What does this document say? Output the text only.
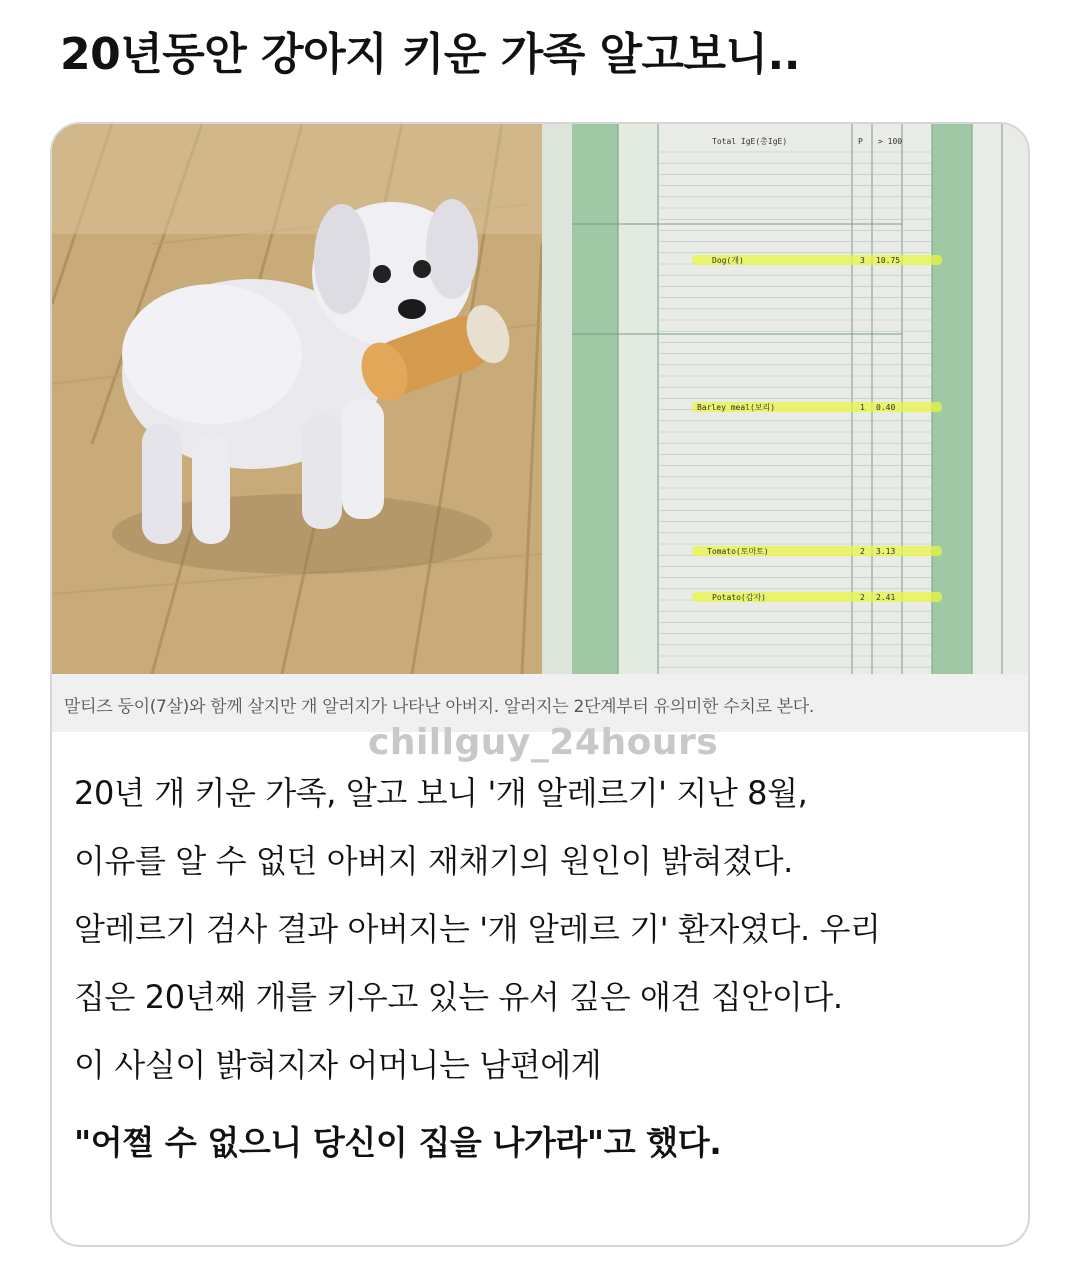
20년동안 강아지 키운 가족 알고보니..
Total IgE(총IgE)	P > 100
Dog(개)	3 10.75
Barley meal(보리)	1 0.40
Tomato(토마토)	2 3.13
Potato(감자)	2 2.41
말티즈 둥이(7살)와 함께 살지만 개 알러지가 나타난 아버지. 알러지는 2단계부터 유의미한 수치로 본다.
chillguy_24hours
20년 개 키운 가족, 알고 보니 '개 알레르기' 지난 8월,
이유를 알 수 없던 아버지 재채기의 원인이 밝혀졌다.
알레르기 검사 결과 아버지는 '개 알레르 기' 환자였다. 우리
집은 20년째 개를 키우고 있는 유서 깊은 애견 집안이다.
이 사실이 밝혀지자 어머니는 남편에게
"어쩔 수 없으니 당신이 집을 나가라"고 했다.
